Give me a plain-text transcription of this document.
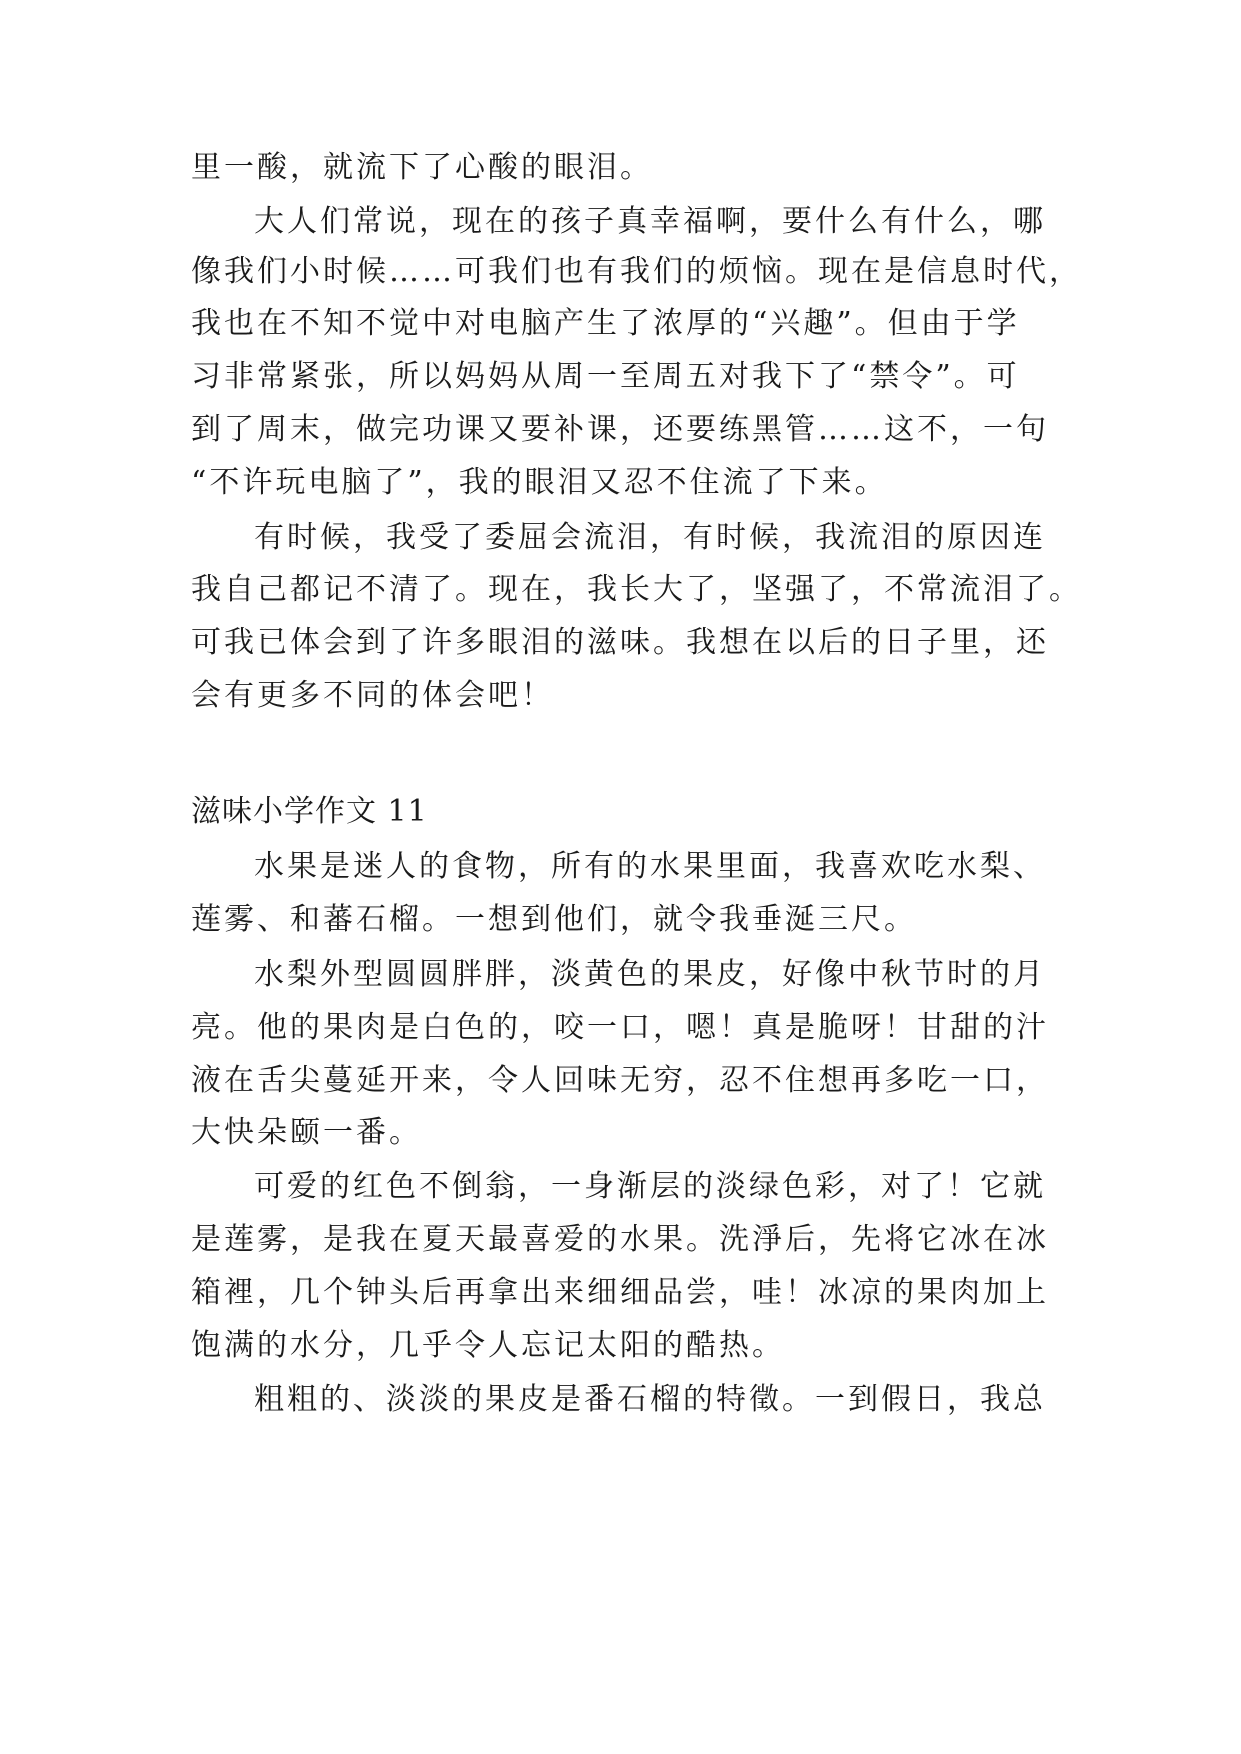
里一酸，就流下了心酸的眼泪。
大人们常说，现在的孩子真幸福啊，要什么有什么，哪
像我们小时候……可我们也有我们的烦恼。现在是信息时代，
我也在不知不觉中对电脑产生了浓厚的“兴趣”。但由于学
习非常紧张，所以妈妈从周一至周五对我下了“禁令”。可
到了周末，做完功课又要补课，还要练黑管……这不，一句
“不许玩电脑了”，我的眼泪又忍不住流了下来。
有时候，我受了委屈会流泪，有时候，我流泪的原因连
我自己都记不清了。现在，我长大了，坚强了，不常流泪了。
可我已体会到了许多眼泪的滋味。我想在以后的日子里，还
会有更多不同的体会吧！
滋味小学作文 11
水果是迷人的食物，所有的水果里面，我喜欢吃水梨、
莲雾、和蕃石榴。一想到他们，就令我垂涎三尺。
水梨外型圆圆胖胖，淡黄色的果皮，好像中秋节时的月
亮。他的果肉是白色的，咬一口，嗯！真是脆呀！甘甜的汁
液在舌尖蔓延开来，令人回味无穷，忍不住想再多吃一口，
大快朵颐一番。
可爱的红色不倒翁，一身渐层的淡绿色彩，对了！它就
是莲雾，是我在夏天最喜爱的水果。洗淨后，先将它冰在冰
箱裡，几个钟头后再拿出来细细品尝，哇！冰凉的果肉加上
饱满的水分，几乎令人忘记太阳的酷热。
粗粗的、淡淡的果皮是番石榴的特徵。一到假日，我总
